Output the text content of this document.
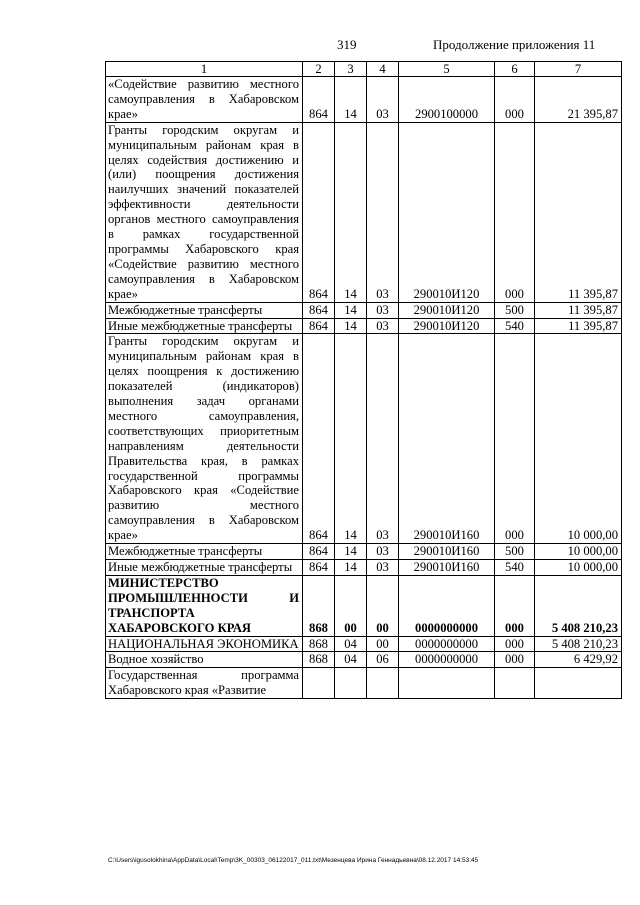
319	Продолжение приложения 11
1	2	3	4	5	6	7
«Содействие развитию местного самоуправления в Хабаровском крае»	864	14	03	2900100000	000	21 395,87
Гранты городским округам и муниципальным районам края в целях содействия достижению и (или) поощрения достижения наилучших значений показателей эффективности деятельности органов местного самоуправления в рамках государственной программы Хабаровского края «Содействие развитию местного самоуправления в Хабаровском крае»	864	14	03	290010И120	000	11 395,87
Межбюджетные трансферты	864	14	03	290010И120	500	11 395,87
Иные межбюджетные трансферты	864	14	03	290010И120	540	11 395,87
Гранты городским округам и муниципальным районам края в целях поощрения к достижению показателей (индикаторов) выполнения задач органами местного самоуправления, соответствующих приоритетным направлениям деятельности Правительства края, в рамках государственной программы Хабаровского края «Содействие развитию местного самоуправления в Хабаровском крае»	864	14	03	290010И160	000	10 000,00
Межбюджетные трансферты	864	14	03	290010И160	500	10 000,00
Иные межбюджетные трансферты	864	14	03	290010И160	540	10 000,00
МИНИСТЕРСТВО ПРОМЫШЛЕННОСТИ И ТРАНСПОРТА ХАБАРОВСКОГО КРАЯ	868	00	00	0000000000	000	5 408 210,23
НАЦИОНАЛЬНАЯ ЭКОНОМИКА	868	04	00	0000000000	000	5 408 210,23
Водное хозяйство	868	04	06	0000000000	000	6 429,92
Государственная программа Хабаровского края «Развитие						
C:\Users\igusolokhina\AppData\Local\Temp\3K_00303_06122017_011.txt\Мезенцева Ирина Геннадьевна\08.12.2017 14:53:45
